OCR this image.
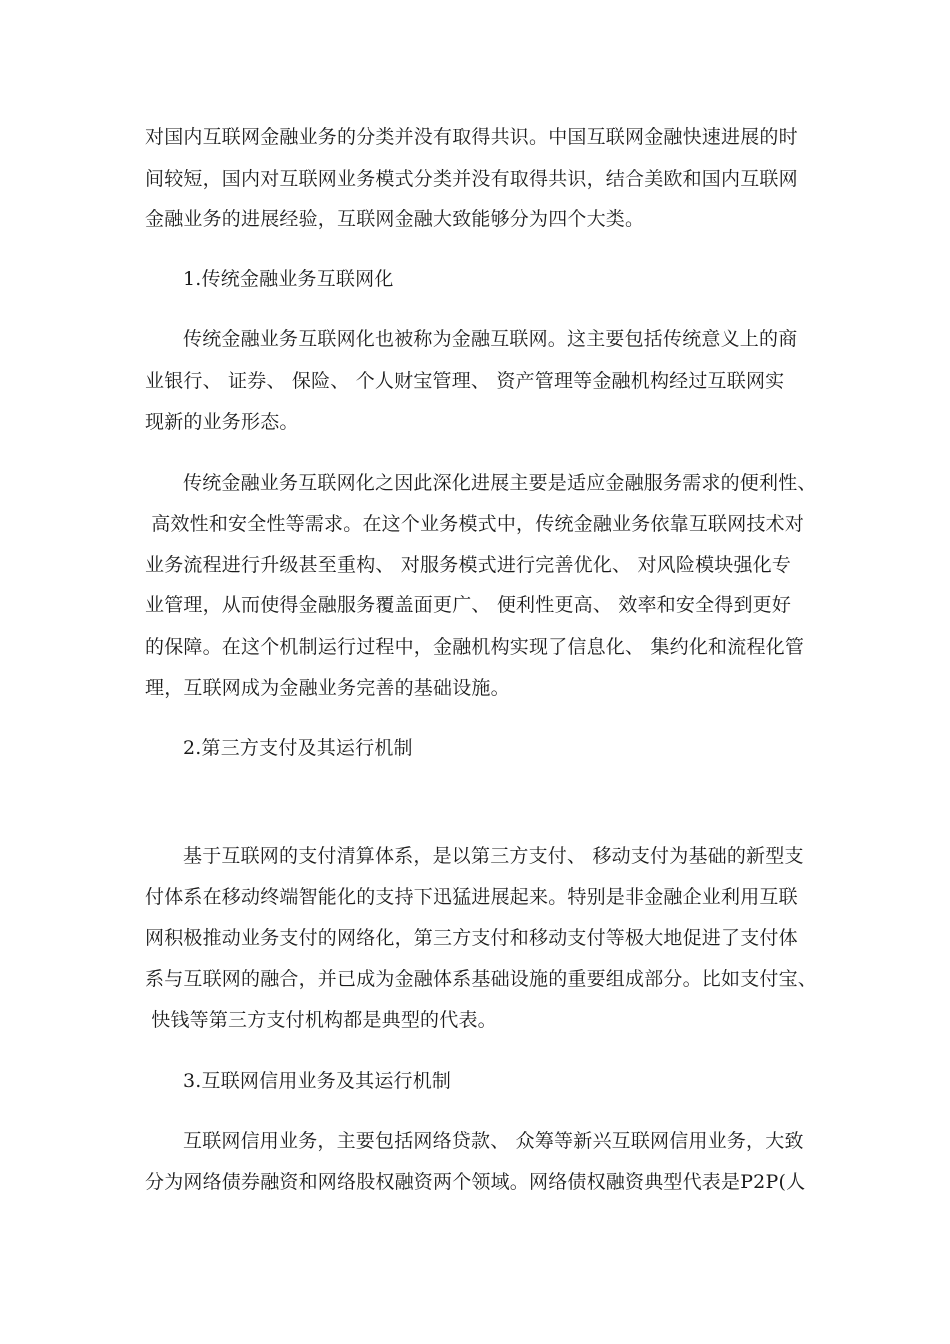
对国内互联网金融业务的分类并没有取得共识。中国互联网金融快速进展的时
间较短，国内对互联网业务模式分类并没有取得共识，结合美欧和国内互联网
金融业务的进展经验，互联网金融大致能够分为四个大类。
1.传统金融业务互联网化
传统金融业务互联网化也被称为金融互联网。这主要包括传统意义上的商
业银行、 证券、 保险、 个人财宝管理、 资产管理等金融机构经过互联网实
现新的业务形态。
传统金融业务互联网化之因此深化进展主要是适应金融服务需求的便利性、
高效性和安全性等需求。在这个业务模式中，传统金融业务依靠互联网技术对
业务流程进行升级甚至重构、 对服务模式进行完善优化、 对风险模块强化专
业管理，从而使得金融服务覆盖面更广、 便利性更高、 效率和安全得到更好
的保障。在这个机制运行过程中，金融机构实现了信息化、 集约化和流程化管
理，互联网成为金融业务完善的基础设施。
2.第三方支付及其运行机制
基于互联网的支付清算体系，是以第三方支付、 移动支付为基础的新型支
付体系在移动终端智能化的支持下迅猛进展起来。特别是非金融企业利用互联
网积极推动业务支付的网络化，第三方支付和移动支付等极大地促进了支付体
系与互联网的融合，并已成为金融体系基础设施的重要组成部分。比如支付宝、
快钱等第三方支付机构都是典型的代表。
3.互联网信用业务及其运行机制
互联网信用业务，主要包括网络贷款、 众筹等新兴互联网信用业务，大致
分为网络债券融资和网络股权融资两个领域。网络债权融资典型代表是P2P(人
